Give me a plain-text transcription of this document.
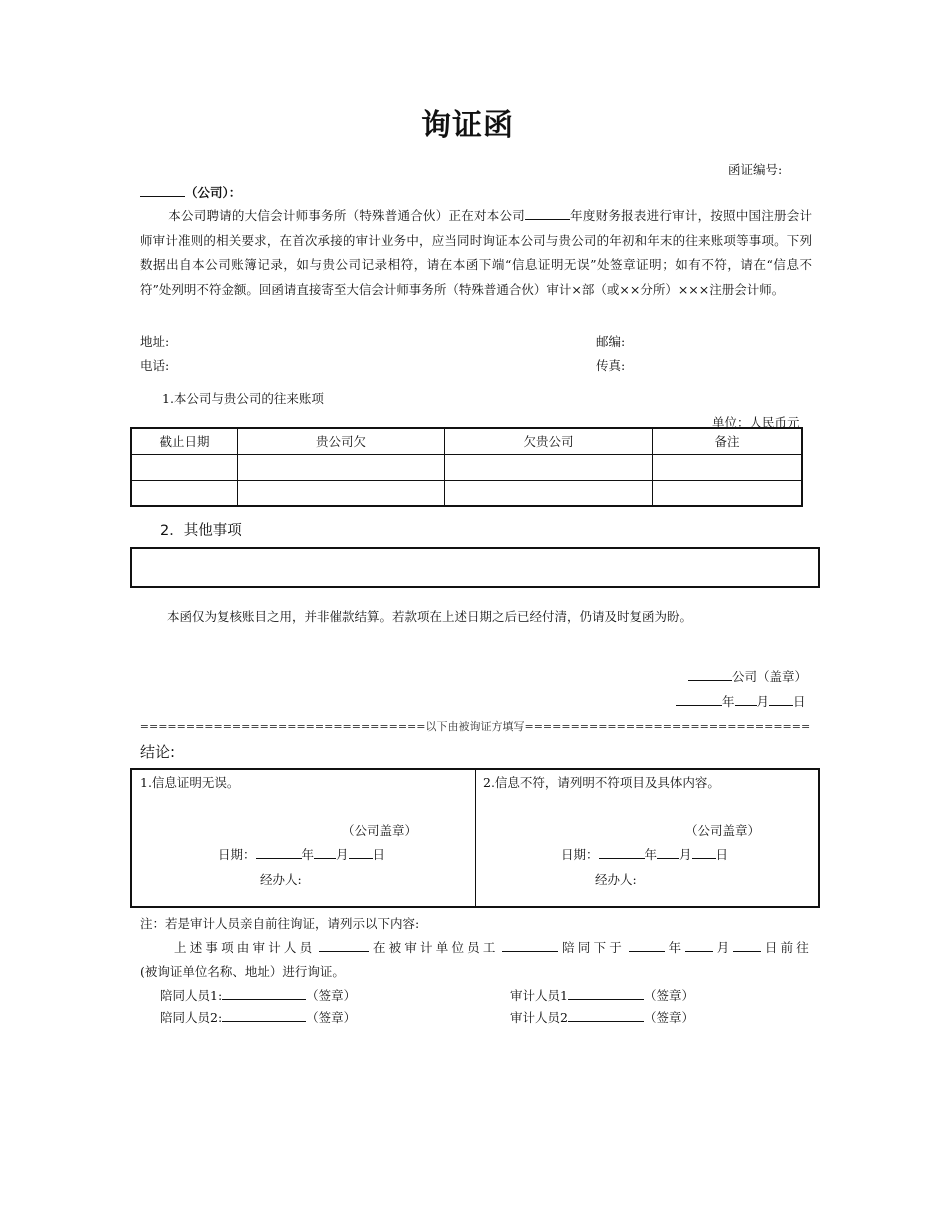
询证函
函证编号:
（公司）：
本公司聘请的大信会计师事务所（特殊普通合伙）正在对本公司	年度财务报表进行审计，按照中国注册会计师审计准则的相关要求，在首次承接的审计业务中，应当同时询证本公司与贵公司的年初和年末的往来账项等事项。下列数据出自本公司账簿记录，如与贵公司记录相符，请在本函下端“信息证明无误”处签章证明；如有不符，请在“信息不符”处列明不符金额。回函请直接寄至大信会计师事务所（特殊普通合伙）审计×部（或××分所）×××注册会计师。
地址:	邮编:
电话:	传真:
1.本公司与贵公司的往来账项
单位：人民币元
截止日期	贵公司欠	欠贵公司	备注

2．其他事项
本函仅为复核账目之用，并非催款结算。若款项在上述日期之后已经付清，仍请及时复函为盼。
公司（盖章）
年 月 日
===============================以下由被询证方填写===============================
结论:
1.信息证明无误。
（公司盖章）
日期：	年 月 日
经办人:
2.信息不符，请列明不符项目及具体内容。
（公司盖章）
日期：	年 月 日
经办人:
注：若是审计人员亲自前往询证，请列示以下内容:
上述事项由审计人员	在被审计单位员工	陪同下于	年	月	日前往
(被询证单位名称、地址）进行询证。
陪同人员1:	（签章）
陪同人员2:	（签章）
审计人员1	（签章）
审计人员2	（签章）
